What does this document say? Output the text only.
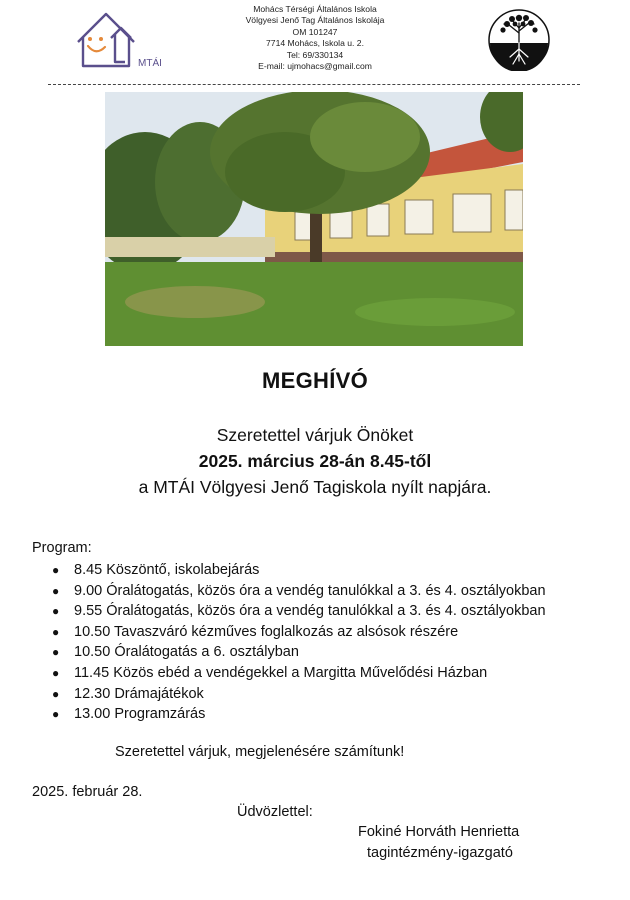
MTÁI
Mohács Térségi Általános Iskola
Völgyesi Jenő Tag Általános Iskolája
OM 101247
7714 Mohács, Iskola u. 2.
Tel: 69/330134
E-mail: ujmohacs@gmail.com
MEGHÍVÓ
Szeretettel várjuk Önöket
2025. március 28-án 8.45-től
a MTÁI Völgyesi Jenő Tagiskola nyílt napjára.
Program:
● 8.45 Köszöntő, iskolabejárás
● 9.00 Óralátogatás, közös óra a vendég tanulókkal a 3. és 4. osztályokban
● 9.55 Óralátogatás, közös óra a vendég tanulókkal a 3. és 4. osztályokban
● 10.50 Tavaszváró kézműves foglalkozás az alsósok részére
● 10.50 Óralátogatás a 6. osztályban
● 11.45 Közös ebéd a vendégekkel a Margitta Művelődési Házban
● 12.30 Drámajátékok
● 13.00 Programzárás
Szeretettel várjuk, megjelenésére számítunk!
2025. február 28.
Üdvözlettel:
Fokiné Horváth Henrietta
tagintézmény-igazgató
